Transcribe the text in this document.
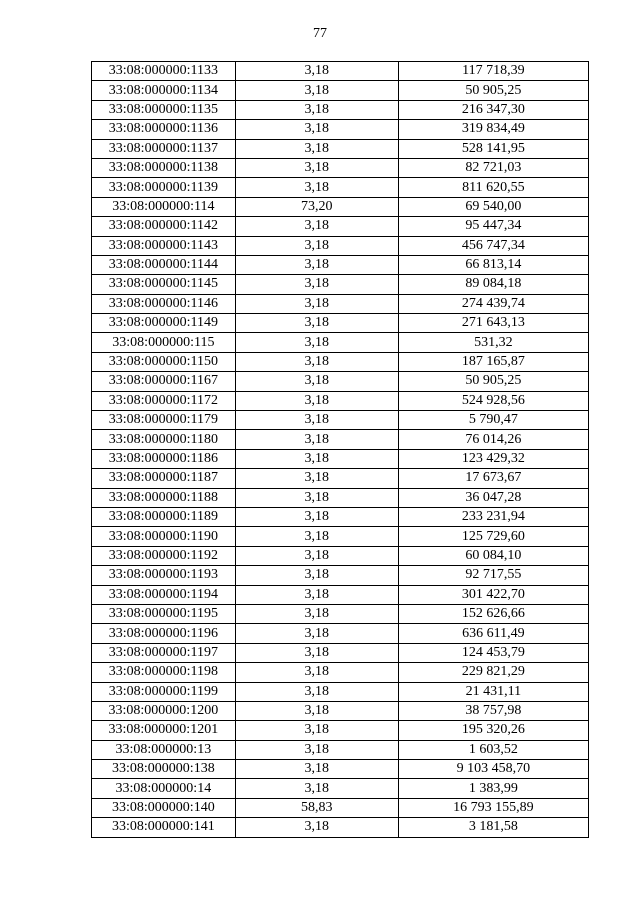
77
33:08:000000:1133	3,18	117 718,39
33:08:000000:1134	3,18	50 905,25
33:08:000000:1135	3,18	216 347,30
33:08:000000:1136	3,18	319 834,49
33:08:000000:1137	3,18	528 141,95
33:08:000000:1138	3,18	82 721,03
33:08:000000:1139	3,18	811 620,55
33:08:000000:114	73,20	69 540,00
33:08:000000:1142	3,18	95 447,34
33:08:000000:1143	3,18	456 747,34
33:08:000000:1144	3,18	66 813,14
33:08:000000:1145	3,18	89 084,18
33:08:000000:1146	3,18	274 439,74
33:08:000000:1149	3,18	271 643,13
33:08:000000:115	3,18	531,32
33:08:000000:1150	3,18	187 165,87
33:08:000000:1167	3,18	50 905,25
33:08:000000:1172	3,18	524 928,56
33:08:000000:1179	3,18	5 790,47
33:08:000000:1180	3,18	76 014,26
33:08:000000:1186	3,18	123 429,32
33:08:000000:1187	3,18	17 673,67
33:08:000000:1188	3,18	36 047,28
33:08:000000:1189	3,18	233 231,94
33:08:000000:1190	3,18	125 729,60
33:08:000000:1192	3,18	60 084,10
33:08:000000:1193	3,18	92 717,55
33:08:000000:1194	3,18	301 422,70
33:08:000000:1195	3,18	152 626,66
33:08:000000:1196	3,18	636 611,49
33:08:000000:1197	3,18	124 453,79
33:08:000000:1198	3,18	229 821,29
33:08:000000:1199	3,18	21 431,11
33:08:000000:1200	3,18	38 757,98
33:08:000000:1201	3,18	195 320,26
33:08:000000:13	3,18	1 603,52
33:08:000000:138	3,18	9 103 458,70
33:08:000000:14	3,18	1 383,99
33:08:000000:140	58,83	16 793 155,89
33:08:000000:141	3,18	3 181,58
